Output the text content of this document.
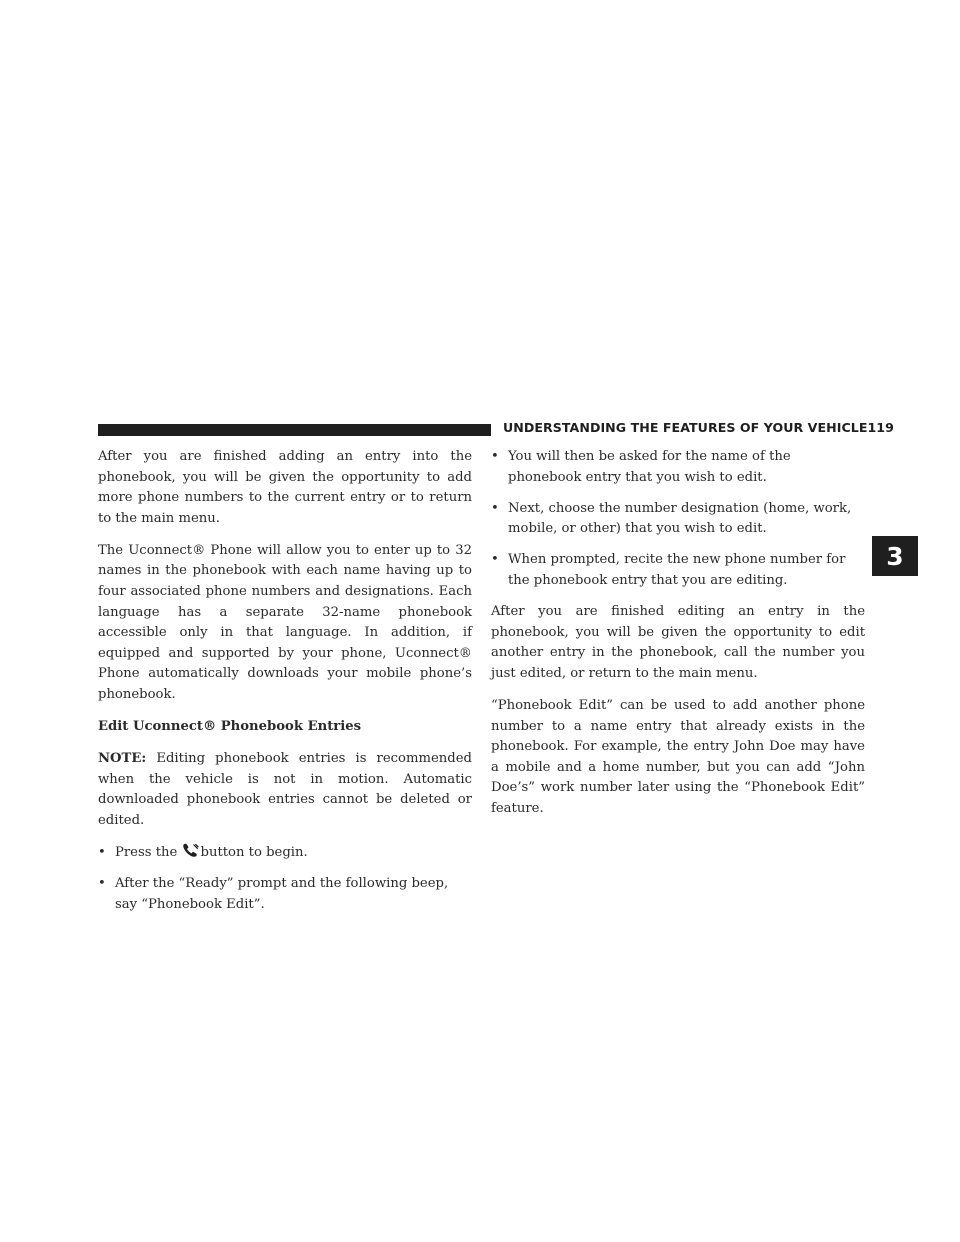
UNDERSTANDING THE FEATURES OF YOUR VEHICLE 119
3

After you are finished adding an entry into the phonebook, you will be given the opportunity to add more phone numbers to the current entry or to return to the main menu.

The Uconnect® Phone will allow you to enter up to 32 names in the phonebook with each name having up to four associated phone numbers and designations. Each language has a separate 32-name phonebook accessible only in that language. In addition, if equipped and supported by your phone, Uconnect® Phone automatically downloads your mobile phone’s phonebook.

Edit Uconnect® Phonebook Entries

NOTE: Editing phonebook entries is recommended when the vehicle is not in motion. Automatic downloaded phonebook entries cannot be deleted or edited.

• Press the button to begin.
• After the “Ready” prompt and the following beep, say “Phonebook Edit”.
• You will then be asked for the name of the phonebook entry that you wish to edit.
• Next, choose the number designation (home, work, mobile, or other) that you wish to edit.
• When prompted, recite the new phone number for the phonebook entry that you are editing.

After you are finished editing an entry in the phonebook, you will be given the opportunity to edit another entry in the phonebook, call the number you just edited, or return to the main menu.

“Phonebook Edit” can be used to add another phone number to a name entry that already exists in the phonebook. For example, the entry John Doe may have a mobile and a home number, but you can add “John Doe’s” work number later using the “Phonebook Edit” feature.
